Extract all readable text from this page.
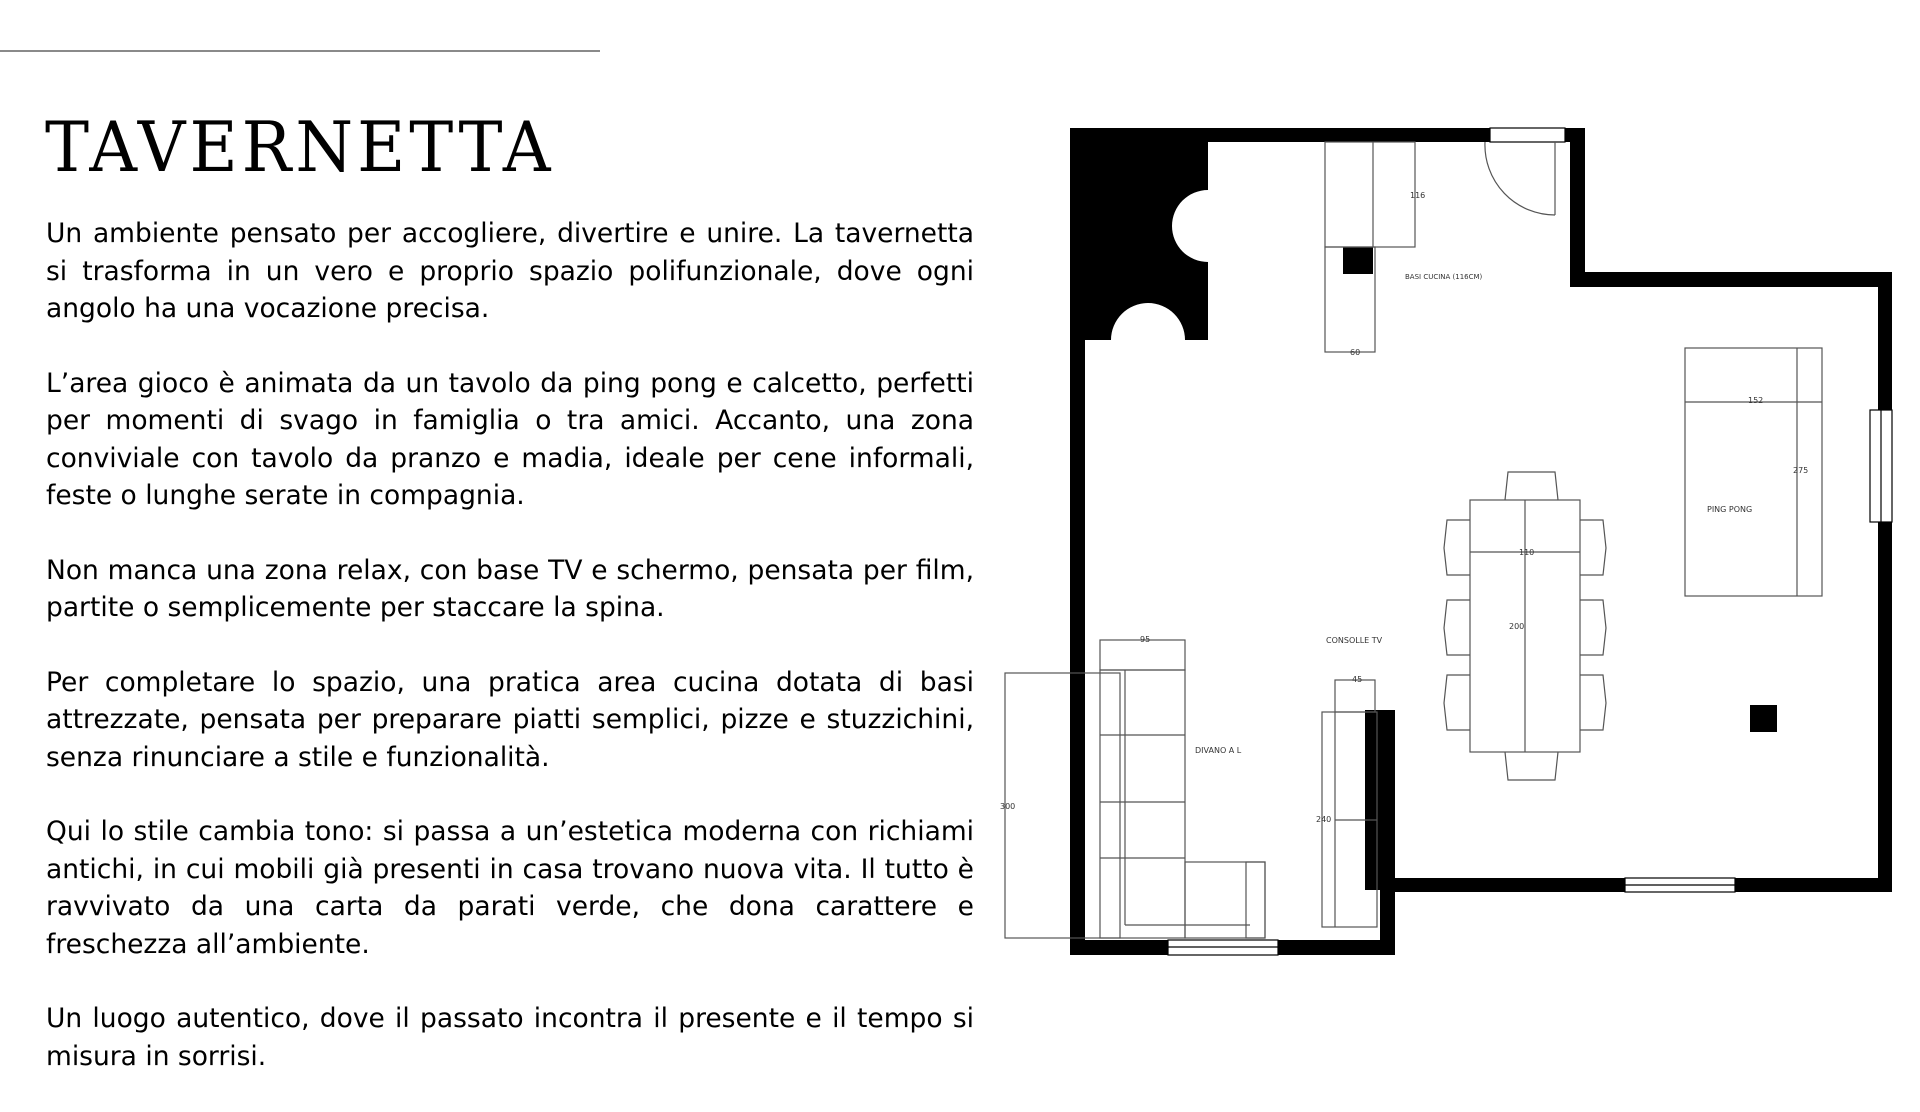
TAVERNETTA

Un ambiente pensato per accogliere, divertire e unire. La tavernetta si trasforma in un vero e proprio spazio polifunzionale, dove ogni angolo ha una vocazione precisa.

L’area gioco è animata da un tavolo da ping pong e calcetto, perfetti per momenti di svago in famiglia o tra amici. Accanto, una zona conviviale con tavolo da pranzo e madia, ideale per cene informali, feste o lunghe serate in compagnia.

Non manca una zona relax, con base TV e schermo, pensata per film, partite o semplicemente per staccare la spina.

Per completare lo spazio, una pratica area cucina dotata di basi attrezzate, pensata per preparare piatti semplici, pizze e stuzzichini, senza rinunciare a stile e funzionalità.

Qui lo stile cambia tono: si passa a un’estetica moderna con richiami antichi, in cui mobili già presenti in casa trovano nuova vita. Il tutto è ravvivato da una carta da parati verde, che dona carattere e freschezza all’ambiente.

Un luogo autentico, dove il passato incontra il presente e il tempo si misura in sorrisi.

116
60
BASI CUCINA (116CM)
152
275
PING PONG
110
200
95
300
DIVANO A L
45
240
CONSOLLE TV
